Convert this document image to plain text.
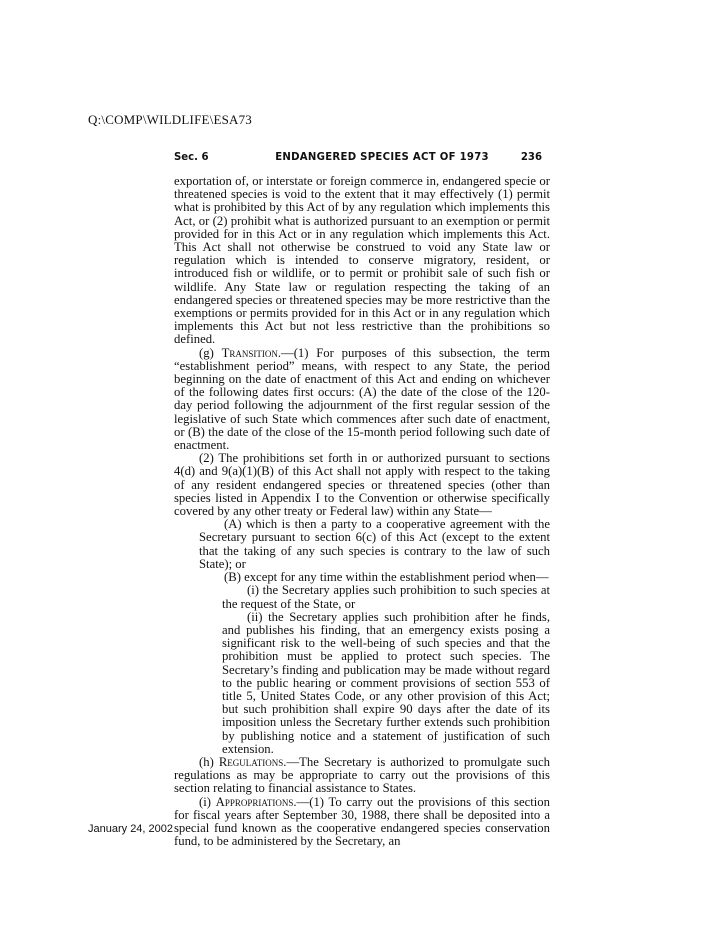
Q:\COMP\WILDLIFE\ESA73
Sec. 6	ENDANGERED SPECIES ACT OF 1973	236

exportation of, or interstate or foreign commerce in, endangered specie or threatened species is void to the extent that it may effectively (1) permit what is prohibited by this Act of by any regulation which implements this Act, or (2) prohibit what is authorized pursuant to an exemption or permit provided for in this Act or in any regulation which implements this Act. This Act shall not otherwise be construed to void any State law or regulation which is intended to conserve migratory, resident, or introduced fish or wildlife, or to permit or prohibit sale of such fish or wildlife. Any State law or regulation respecting the taking of an endangered species or threatened species may be more restrictive than the exemptions or permits provided for in this Act or in any regulation which implements this Act but not less restrictive than the prohibitions so defined.

(g) Transition.—(1) For purposes of this subsection, the term “establishment period” means, with respect to any State, the period beginning on the date of enactment of this Act and ending on whichever of the following dates first occurs: (A) the date of the close of the 120-day period following the adjournment of the first regular session of the legislative of such State which commences after such date of enactment, or (B) the date of the close of the 15-month period following such date of enactment.

(2) The prohibitions set forth in or authorized pursuant to sections 4(d) and 9(a)(1)(B) of this Act shall not apply with respect to the taking of any resident endangered species or threatened species (other than species listed in Appendix I to the Convention or otherwise specifically covered by any other treaty or Federal law) within any State—

(A) which is then a party to a cooperative agreement with the Secretary pursuant to section 6(c) of this Act (except to the extent that the taking of any such species is contrary to the law of such State); or

(B) except for any time within the establishment period when—

(i) the Secretary applies such prohibition to such species at the request of the State, or

(ii) the Secretary applies such prohibition after he finds, and publishes his finding, that an emergency exists posing a significant risk to the well-being of such species and that the prohibition must be applied to protect such species. The Secretary’s finding and publication may be made without regard to the public hearing or comment provisions of section 553 of title 5, United States Code, or any other provision of this Act; but such prohibition shall expire 90 days after the date of its imposition unless the Secretary further extends such prohibition by publishing notice and a statement of justification of such extension.

(h) Regulations.—The Secretary is authorized to promulgate such regulations as may be appropriate to carry out the provisions of this section relating to financial assistance to States.

(i) Appropriations.—(1) To carry out the provisions of this section for fiscal years after September 30, 1988, there shall be deposited into a special fund known as the cooperative endangered species conservation fund, to be administered by the Secretary, an

January 24, 2002
